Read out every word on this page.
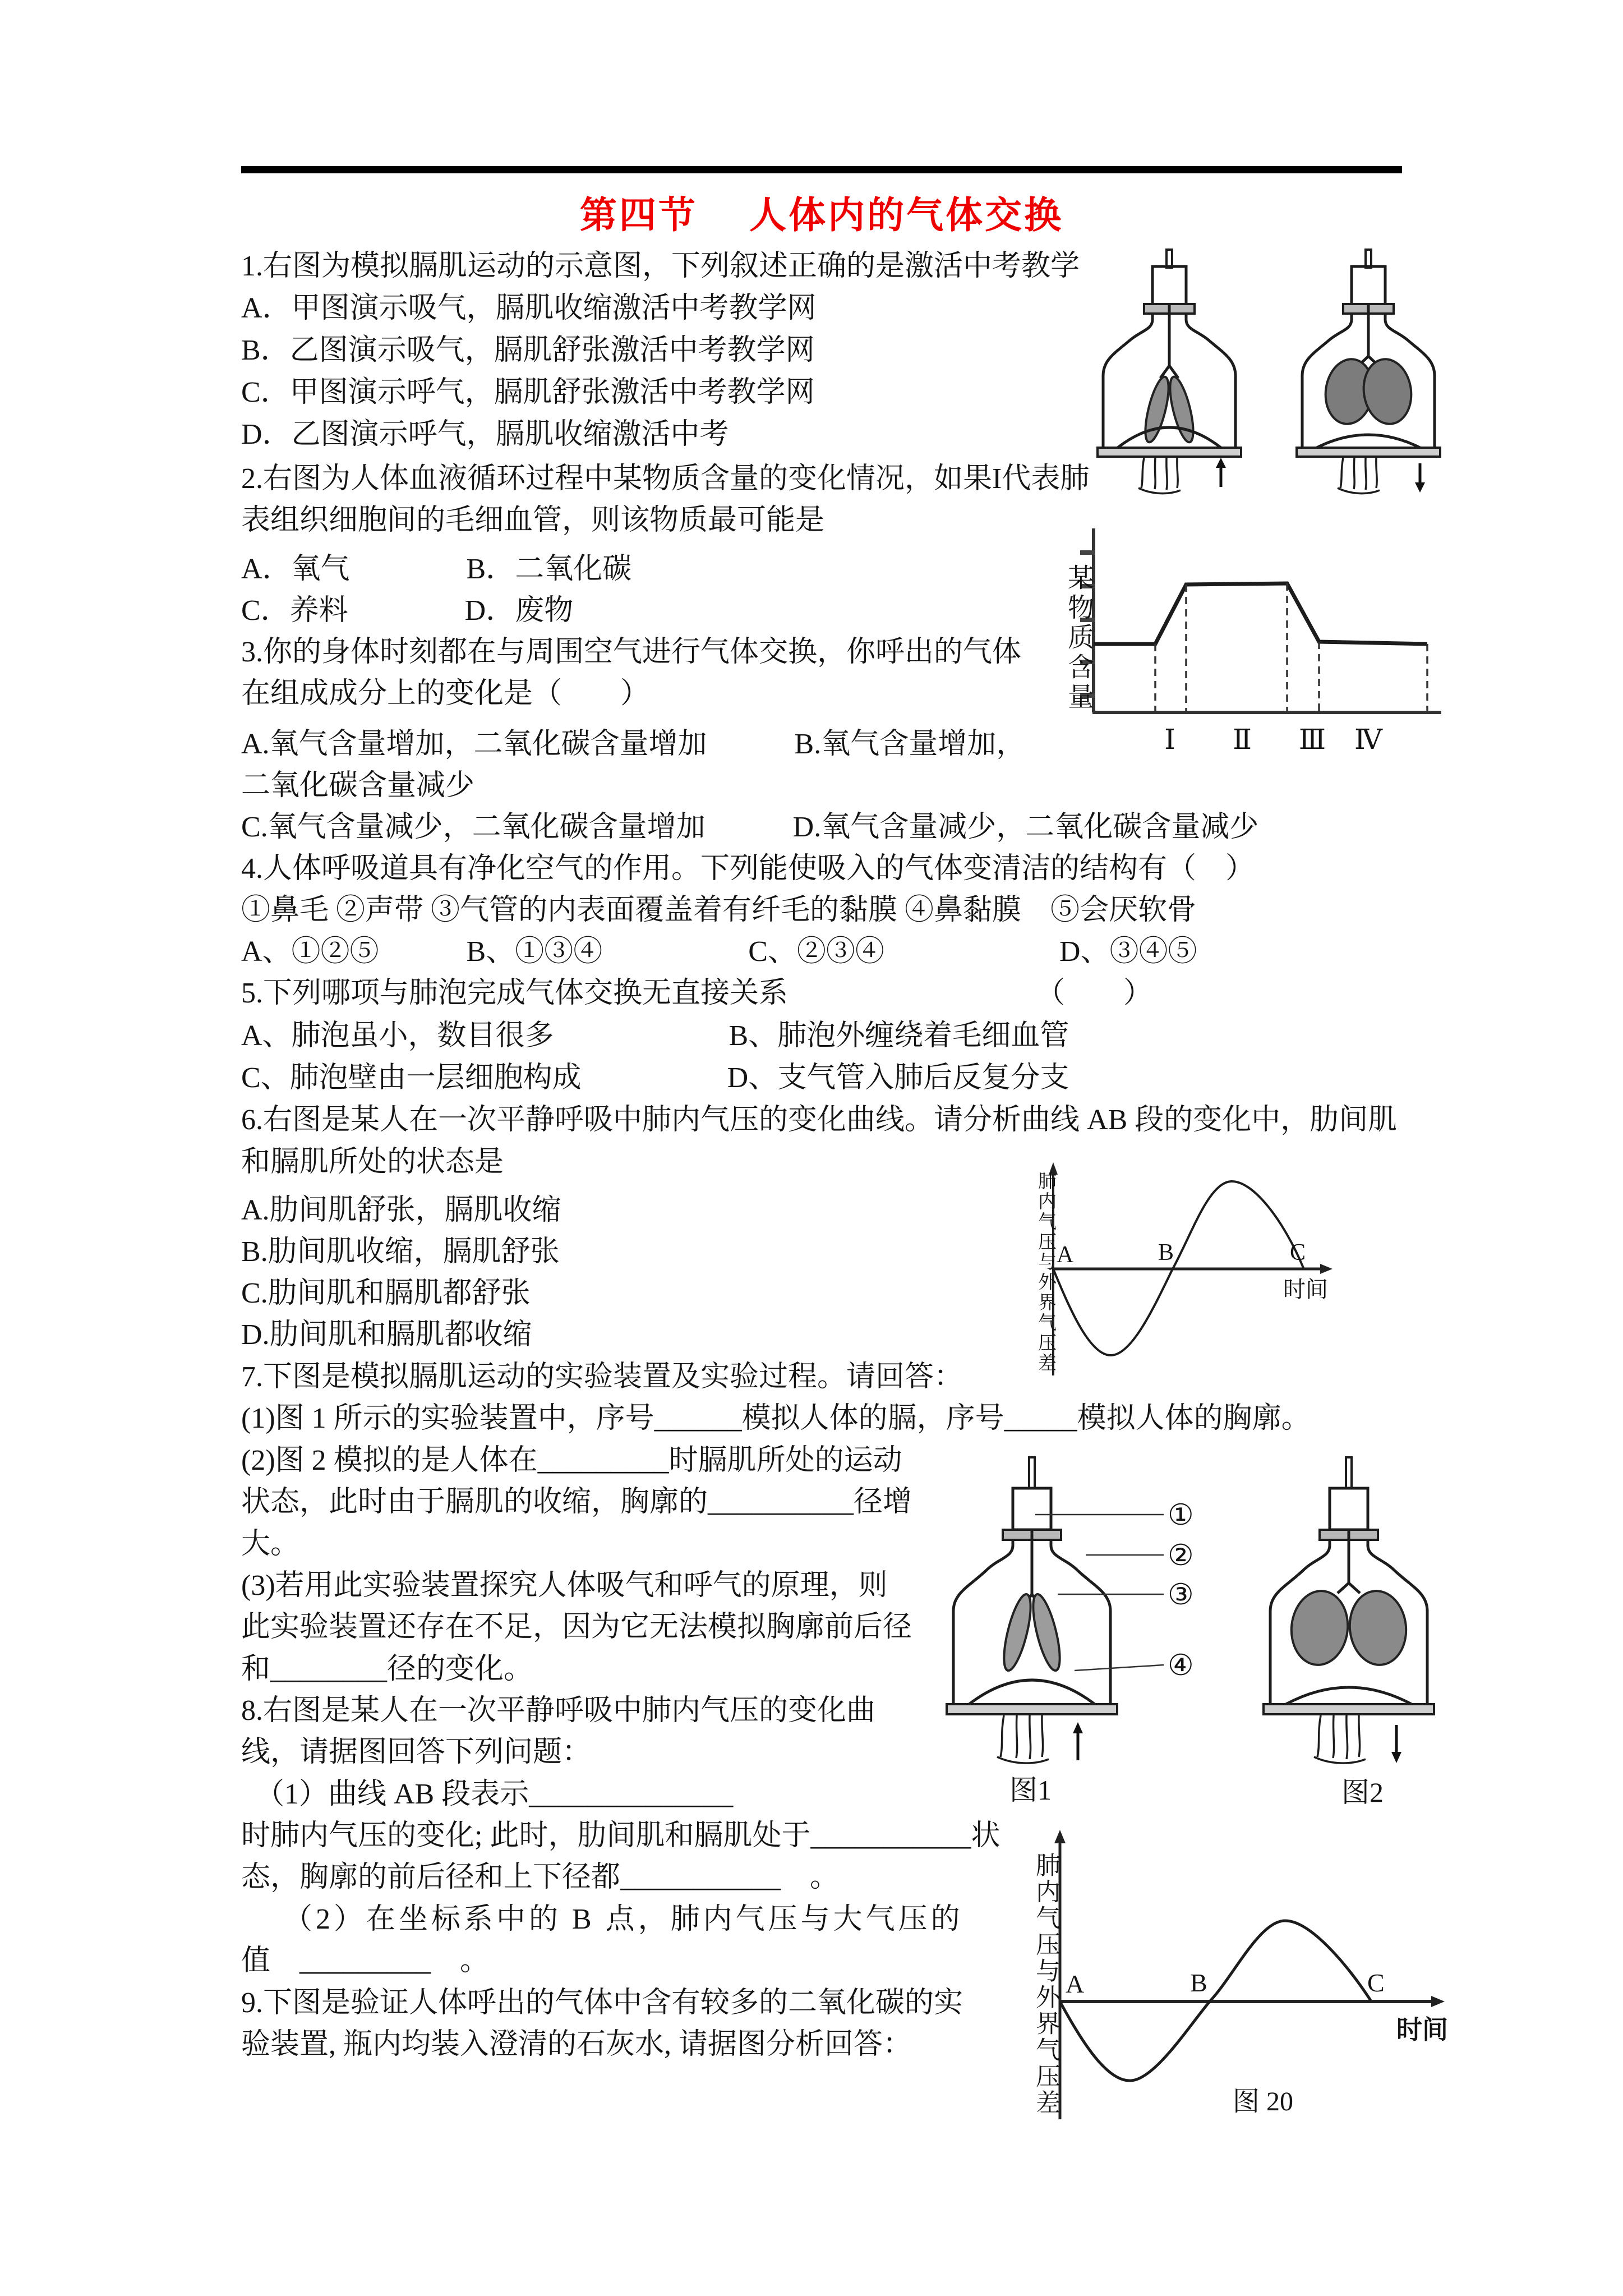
第四节　 人体内的气体交换
1.右图为模拟膈肌运动的示意图，下列叙述正确的是激活中考教学
A．甲图演示吸气，膈肌收缩激活中考教学网
B．乙图演示吸气，膈肌舒张激活中考教学网
C．甲图演示呼气，膈肌舒张激活中考教学网
D．乙图演示呼气，膈肌收缩激活中考
2.右图为人体血液循环过程中某物质含量的变化情况，如果I代表肺
表组织细胞间的毛细血管，则该物质最可能是
A．氧气　　　　B．二氧化碳
C．养料　　　　D．废物
3.你的身体时刻都在与周围空气进行气体交换，你呼出的气体
在组成成分上的变化是（　　）
A.氧气含量增加，二氧化碳含量增加　　　B.氧气含量增加，
二氧化碳含量减少
C.氧气含量减少，二氧化碳含量增加　　　D.氧气含量减少，二氧化碳含量减少
4.人体呼吸道具有净化空气的作用。下列能使吸入的气体变清洁的结构有（　）
①鼻毛 ②声带 ③气管的内表面覆盖着有纤毛的黏膜 ④鼻黏膜　⑤会厌软骨
A、①②⑤　　　B、①③④　　　　　C、②③④　　　　　　D、③④⑤
5.下列哪项与肺泡完成气体交换无直接关系　　　　　　　　　（　　）
A、肺泡虽小，数目很多　　　　　　B、肺泡外缠绕着毛细血管
C、肺泡壁由一层细胞构成　　　　　D、支气管入肺后反复分支
6.右图是某人在一次平静呼吸中肺内气压的变化曲线。请分析曲线 AB 段的变化中，肋间肌
和膈肌所处的状态是
A.肋间肌舒张，膈肌收缩
B.肋间肌收缩，膈肌舒张
C.肋间肌和膈肌都舒张
D.肋间肌和膈肌都收缩
7.下图是模拟膈肌运动的实验装置及实验过程。请回答：
(1)图 1 所示的实验装置中，序号______模拟人体的膈，序号_____模拟人体的胸廓。
(2)图 2 模拟的是人体在_________时膈肌所处的运动
状态，此时由于膈肌的收缩，胸廓的__________径增
大。
(3)若用此实验装置探究人体吸气和呼气的原理，则
此实验装置还存在不足，因为它无法模拟胸廓前后径
和________径的变化。
8.右图是某人在一次平静呼吸中肺内气压的变化曲
线，请据图回答下列问题：
（1）曲线 AB 段表示______________
时肺内气压的变化; 此时，肋间肌和膈肌处于___________状
态，胸廓的前后径和上下径都___________　。
（2）在坐标系中的 B 点，肺内气压与大气压的
值　_________　。
9.下图是验证人体呼出的气体中含有较多的二氧化碳的实
验装置, 瓶内均装入澄清的石灰水, 请据图分析回答：
Ⅰ Ⅱ Ⅲ Ⅳ
某物质含量
A	B	C
时间
肺内气压与外界气压差
①
②
③
④
图1	图2
A	B	C
时间
图 20
肺内气压与外界气压差
